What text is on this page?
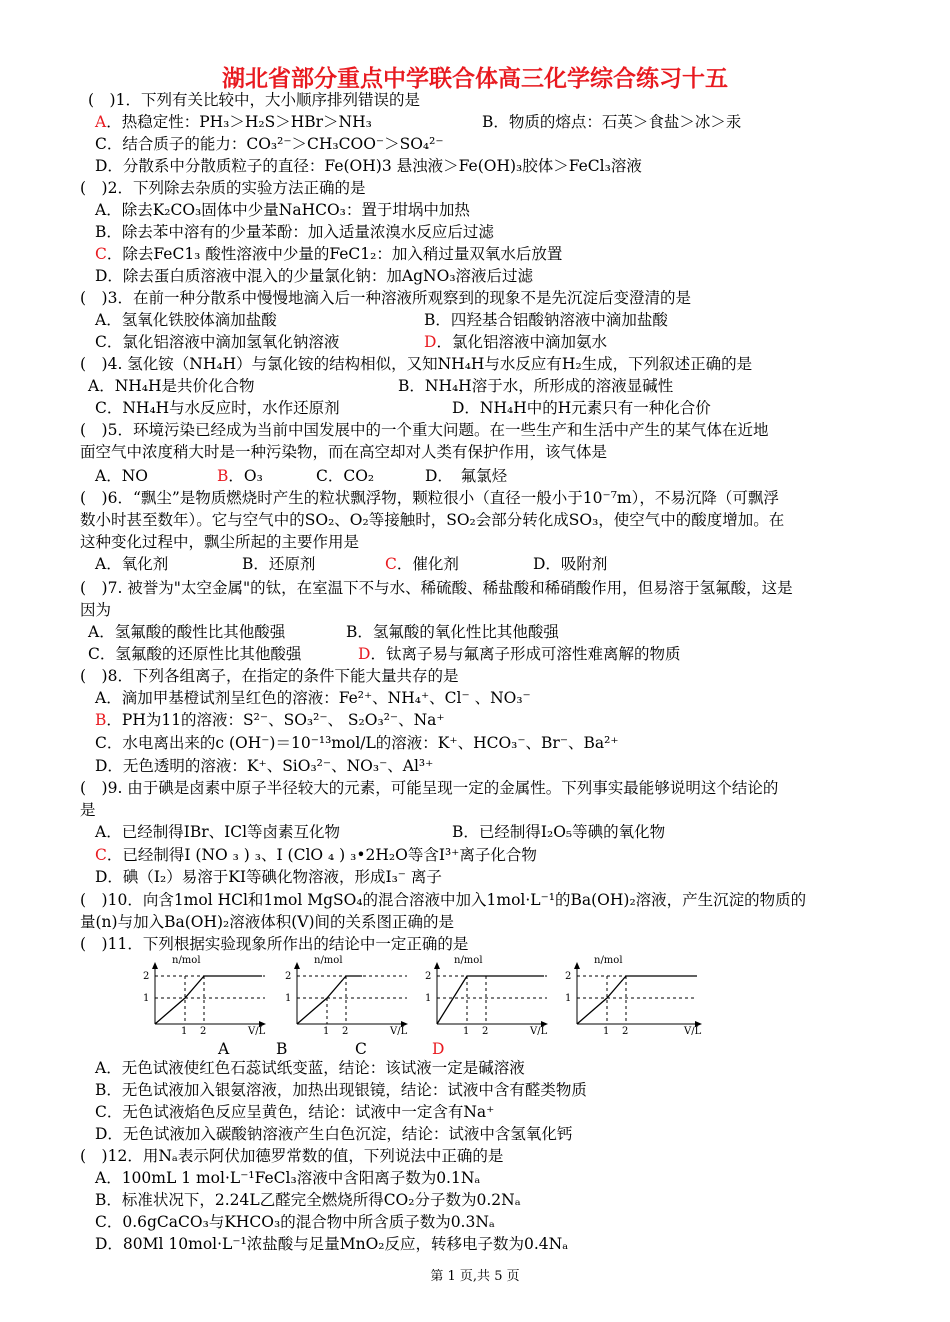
湖北省部分重点中学联合体高三化学综合练习十五
(　)1．下列有关比较中，大小顺序排列错误的是
A．热稳定性：PH₃＞H₂S＞HBr＞NH₃	B．物质的熔点：石英＞食盐＞冰＞汞
C．结合质子的能力：CO₃²⁻＞CH₃COO⁻＞SO₄²⁻
D．分散系中分散质粒子的直径：Fe(OH)3 悬浊液＞Fe(OH)₃胶体＞FeCl₃溶液
(　)2．下列除去杂质的实验方法正确的是
A．除去K₂CO₃固体中少量NaHCO₃：置于坩埚中加热
B．除去苯中溶有的少量苯酚：加入适量浓溴水反应后过滤
C．除去FeC1₃ 酸性溶液中少量的FeC1₂：加入稍过量双氧水后放置
D．除去蛋白质溶液中混入的少量氯化钠：加AgNO₃溶液后过滤
(　)3．在前一种分散系中慢慢地滴入后一种溶液所观察到的现象不是先沉淀后变澄清的是
A．氢氧化铁胶体滴加盐酸	B．四羟基合铝酸钠溶液中滴加盐酸
C．氯化铝溶液中滴加氢氧化钠溶液	D．氯化铝溶液中滴加氨水
(　)4. 氢化铵（NH₄H）与氯化铵的结构相似，又知NH₄H与水反应有H₂生成，下列叙述正确的是
A．NH₄H是共价化合物	B．NH₄H溶于水，所形成的溶液显碱性
C．NH₄H与水反应时，水作还原剂	D．NH₄H中的H元素只有一种化合价
(　)5．环境污染已经成为当前中国发展中的一个重大问题。在一些生产和生活中产生的某气体在近地
面空气中浓度稍大时是一种污染物，而在高空却对人类有保护作用，该气体是
A．NO	B．O₃	C．CO₂	D．　氟氯烃
(　)6．“飘尘”是物质燃烧时产生的粒状飘浮物，颗粒很小（直径一般小于10⁻⁷m），不易沉降（可飘浮
数小时甚至数年）。它与空气中的SO₂、O₂等接触时，SO₂会部分转化成SO₃，使空气中的酸度增加。在
这种变化过程中，飘尘所起的主要作用是
A．氧化剂	B．还原剂	C．催化剂	D．吸附剂
(　)7. 被誉为"太空金属"的钛，在室温下不与水、稀硫酸、稀盐酸和稀硝酸作用，但易溶于氢氟酸，这是
因为
A．氢氟酸的酸性比其他酸强	B．氢氟酸的氧化性比其他酸强
C．氢氟酸的还原性比其他酸强	D．钛离子易与氟离子形成可溶性难离解的物质
(　)8．下列各组离子，在指定的条件下能大量共存的是
A．滴加甲基橙试剂呈红色的溶液：Fe²⁺、NH₄⁺、Cl⁻ 、NO₃⁻
B．PH为11的溶液：S²⁻、SO₃²⁻、 S₂O₃²⁻、Na⁺
C．水电离出来的c (OH⁻)＝10⁻¹³mol/L的溶液：K⁺、HCO₃⁻、Br⁻、Ba²⁺
D．无色透明的溶液：K⁺、SiO₃²⁻、NO₃⁻、Al³⁺
(　)9. 由于碘是卤素中原子半径较大的元素，可能呈现一定的金属性。下列事实最能够说明这个结论的
是
A．已经制得IBr、ICl等卤素互化物	B．已经制得I₂O₅等碘的氧化物
C．已经制得I (NO ₃ ) ₃、I (ClO ₄ ) ₃•2H₂O等含I³⁺离子化合物
D．碘（I₂）易溶于KI等碘化物溶液，形成I₃⁻ 离子
(　)10．向含1mol HCl和1mol MgSO₄的混合溶液中加入1mol·L⁻¹的Ba(OH)₂溶液，产生沉淀的物质的
量(n)与加入Ba(OH)₂溶液体积(V)间的关系图正确的是
(　)11．下列根据实验现象所作出的结论中一定正确的是
n/mol
V/L
2
1
1 2
n/mol
V/L
2
1
1 2
n/mol
V/L
2
1
1 2
n/mol
V/L
2
1
1 2
A	B	C	D
A．无色试液使红色石蕊试纸变蓝，结论：该试液一定是碱溶液
B．无色试液加入银氨溶液，加热出现银镜，结论：试液中含有醛类物质
C．无色试液焰色反应呈黄色，结论：试液中一定含有Na⁺
D．无色试液加入碳酸钠溶液产生白色沉淀，结论：试液中含氢氧化钙
(　)12．用Nₐ表示阿伏加德罗常数的值，下列说法中正确的是
A．100mL 1 mol·L⁻¹FeCl₃溶液中含阳离子数为0.1Nₐ
B．标准状况下，2.24L乙醛完全燃烧所得CO₂分子数为0.2Nₐ
C．0.6gCaCO₃与KHCO₃的混合物中所含质子数为0.3Nₐ
D．80Ml 10mol·L⁻¹浓盐酸与足量MnO₂反应，转移电子数为0.4Nₐ
第 1 页,共 5 页
